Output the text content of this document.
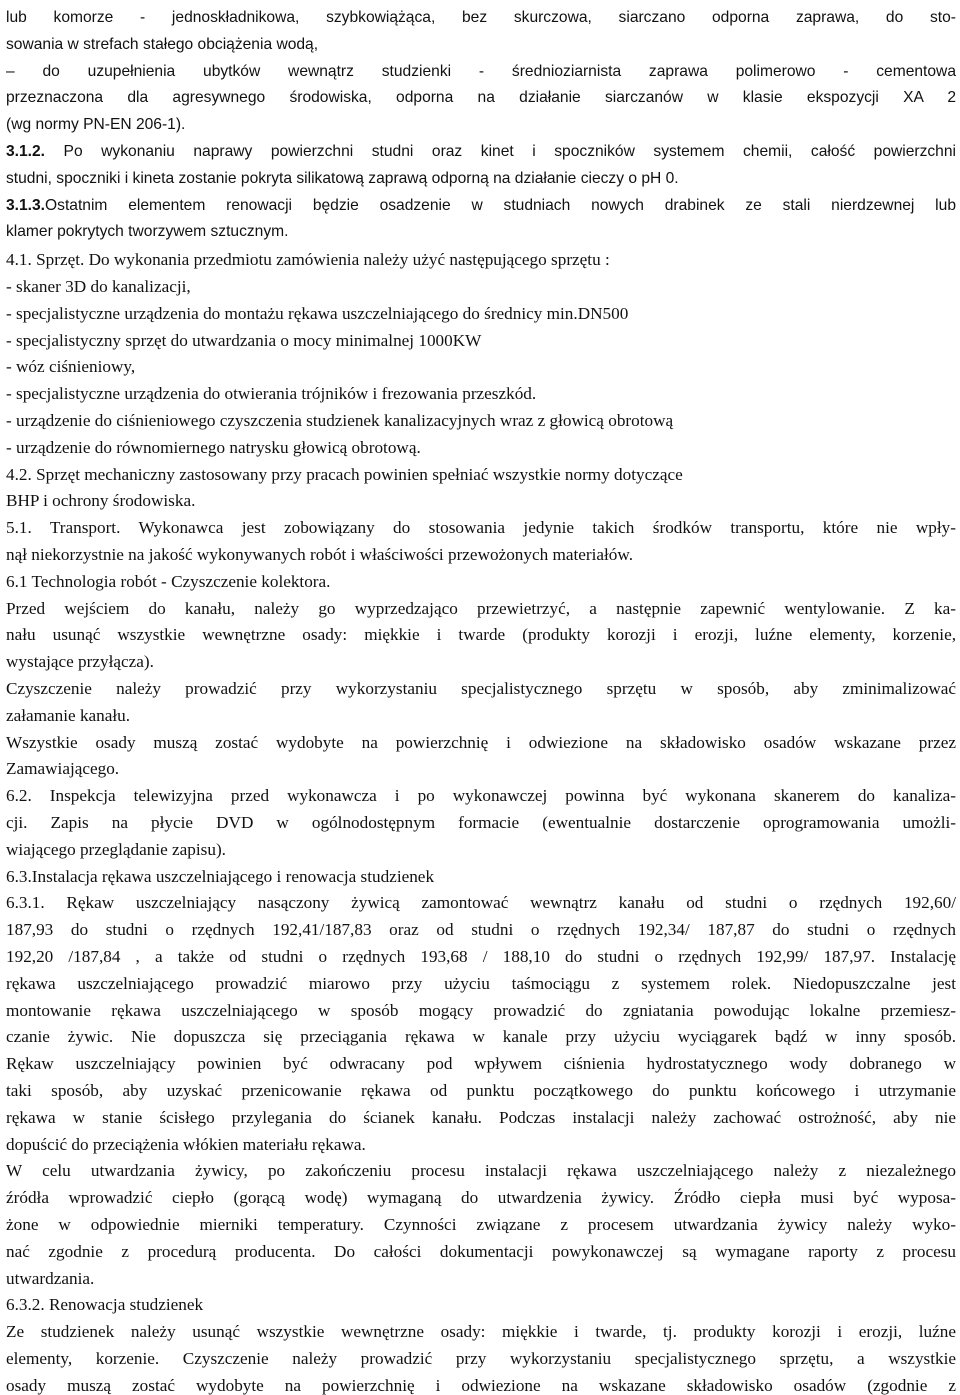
lub komorze - jednoskładnikowa, szybkowiążąca, bez skurczowa, siarczano odporna zaprawa, do sto-
sowania w strefach stałego obciążenia wodą,
– do uzupełnienia ubytków wewnątrz studzienki - średnioziarnista zaprawa polimerowo - cementowa
przeznaczona dla agresywnego środowiska, odporna na działanie siarczanów w klasie ekspozycji XA 2
(wg normy PN-EN 206-1).
3.1.2. Po wykonaniu naprawy powierzchni studni oraz kinet i spoczników systemem chemii, całość powierzchni
studni, spoczniki i kineta zostanie pokryta silikatową zaprawą odporną na działanie cieczy o pH 0.
3.1.3.Ostatnim elementem renowacji będzie osadzenie w studniach nowych drabinek ze stali nierdzewnej lub
klamer pokrytych tworzywem sztucznym.
4.1. Sprzęt. Do wykonania przedmiotu zamówienia należy użyć następującego sprzętu :
- skaner 3D do kanalizacji,
- specjalistyczne urządzenia do montażu rękawa uszczelniającego do średnicy min.DN500
- specjalistyczny sprzęt do utwardzania o mocy minimalnej 1000KW
- wóz ciśnieniowy,
- specjalistyczne urządzenia do otwierania trójników i frezowania przeszkód.
- urządzenie do ciśnieniowego czyszczenia studzienek kanalizacyjnych wraz z głowicą obrotową
- urządzenie do równomiernego natrysku głowicą obrotową.
4.2. Sprzęt mechaniczny zastosowany przy pracach powinien spełniać wszystkie normy dotyczące
BHP i ochrony środowiska.
5.1. Transport. Wykonawca jest zobowiązany do stosowania jedynie takich środków transportu, które nie wpły-
nął niekorzystnie na jakość wykonywanych robót i właściwości przewożonych materiałów.
6.1 Technologia robót - Czyszczenie kolektora.
Przed wejściem do kanału, należy go wyprzedzająco przewietrzyć, a następnie zapewnić wentylowanie. Z ka-
nału usunąć wszystkie wewnętrzne osady: miękkie i twarde (produkty korozji i erozji, luźne elementy, korzenie,
wystające przyłącza).
Czyszczenie należy prowadzić przy wykorzystaniu specjalistycznego sprzętu w sposób, aby zminimalizować
załamanie kanału.
Wszystkie osady muszą zostać wydobyte na powierzchnię i odwiezione na składowisko osadów wskazane przez
Zamawiającego.
6.2. Inspekcja telewizyjna przed wykonawcza i po wykonawczej powinna być wykonana skanerem do kanaliza-
cji. Zapis na płycie DVD w ogólnodostępnym formacie (ewentualnie dostarczenie oprogramowania umożli-
wiającego przeglądanie zapisu).
6.3.Instalacja rękawa uszczelniającego i renowacja studzienek
6.3.1. Rękaw uszczelniający nasączony żywicą zamontować wewnątrz kanału od studni o rzędnych 192,60/
187,93 do studni o rzędnych 192,41/187,83 oraz od studni o rzędnych 192,34/ 187,87 do studni o rzędnych
192,20 /187,84 , a także od studni o rzędnych 193,68 / 188,10 do studni o rzędnych 192,99/ 187,97. Instalację
rękawa uszczelniającego prowadzić miarowo przy użyciu taśmociągu z systemem rolek. Niedopuszczalne jest
montowanie rękawa uszczelniającego w sposób mogący prowadzić do zgniatania powodując lokalne przemiesz-
czanie żywic. Nie dopuszcza się przeciągania rękawa w kanale przy użyciu wyciągarek bądź w inny sposób.
Rękaw uszczelniający powinien być odwracany pod wpływem ciśnienia hydrostatycznego wody dobranego w
taki sposób, aby uzyskać przenicowanie rękawa od punktu początkowego do punktu końcowego i utrzymanie
rękawa w stanie ścisłego przylegania do ścianek kanału. Podczas instalacji należy zachować ostrożność, aby nie
dopuścić do przeciążenia włókien materiału rękawa.
W celu utwardzania żywicy, po zakończeniu procesu instalacji rękawa uszczelniającego należy z niezależnego
źródła wprowadzić ciepło (gorącą wodę) wymaganą do utwardzenia żywicy. Źródło ciepła musi być wyposa-
żone w odpowiednie mierniki temperatury. Czynności związane z procesem utwardzania żywicy należy wyko-
nać zgodnie z procedurą producenta. Do całości dokumentacji powykonawczej są wymagane raporty z procesu
utwardzania.
6.3.2. Renowacja studzienek
Ze studzienek należy usunąć wszystkie wewnętrzne osady: miękkie i twarde, tj. produkty korozji i erozji, luźne
elementy, korzenie. Czyszczenie należy prowadzić przy wykorzystaniu specjalistycznego sprzętu, a wszystkie
osady muszą zostać wydobyte na powierzchnię i odwiezione na wskazane składowisko osadów (zgodnie z
